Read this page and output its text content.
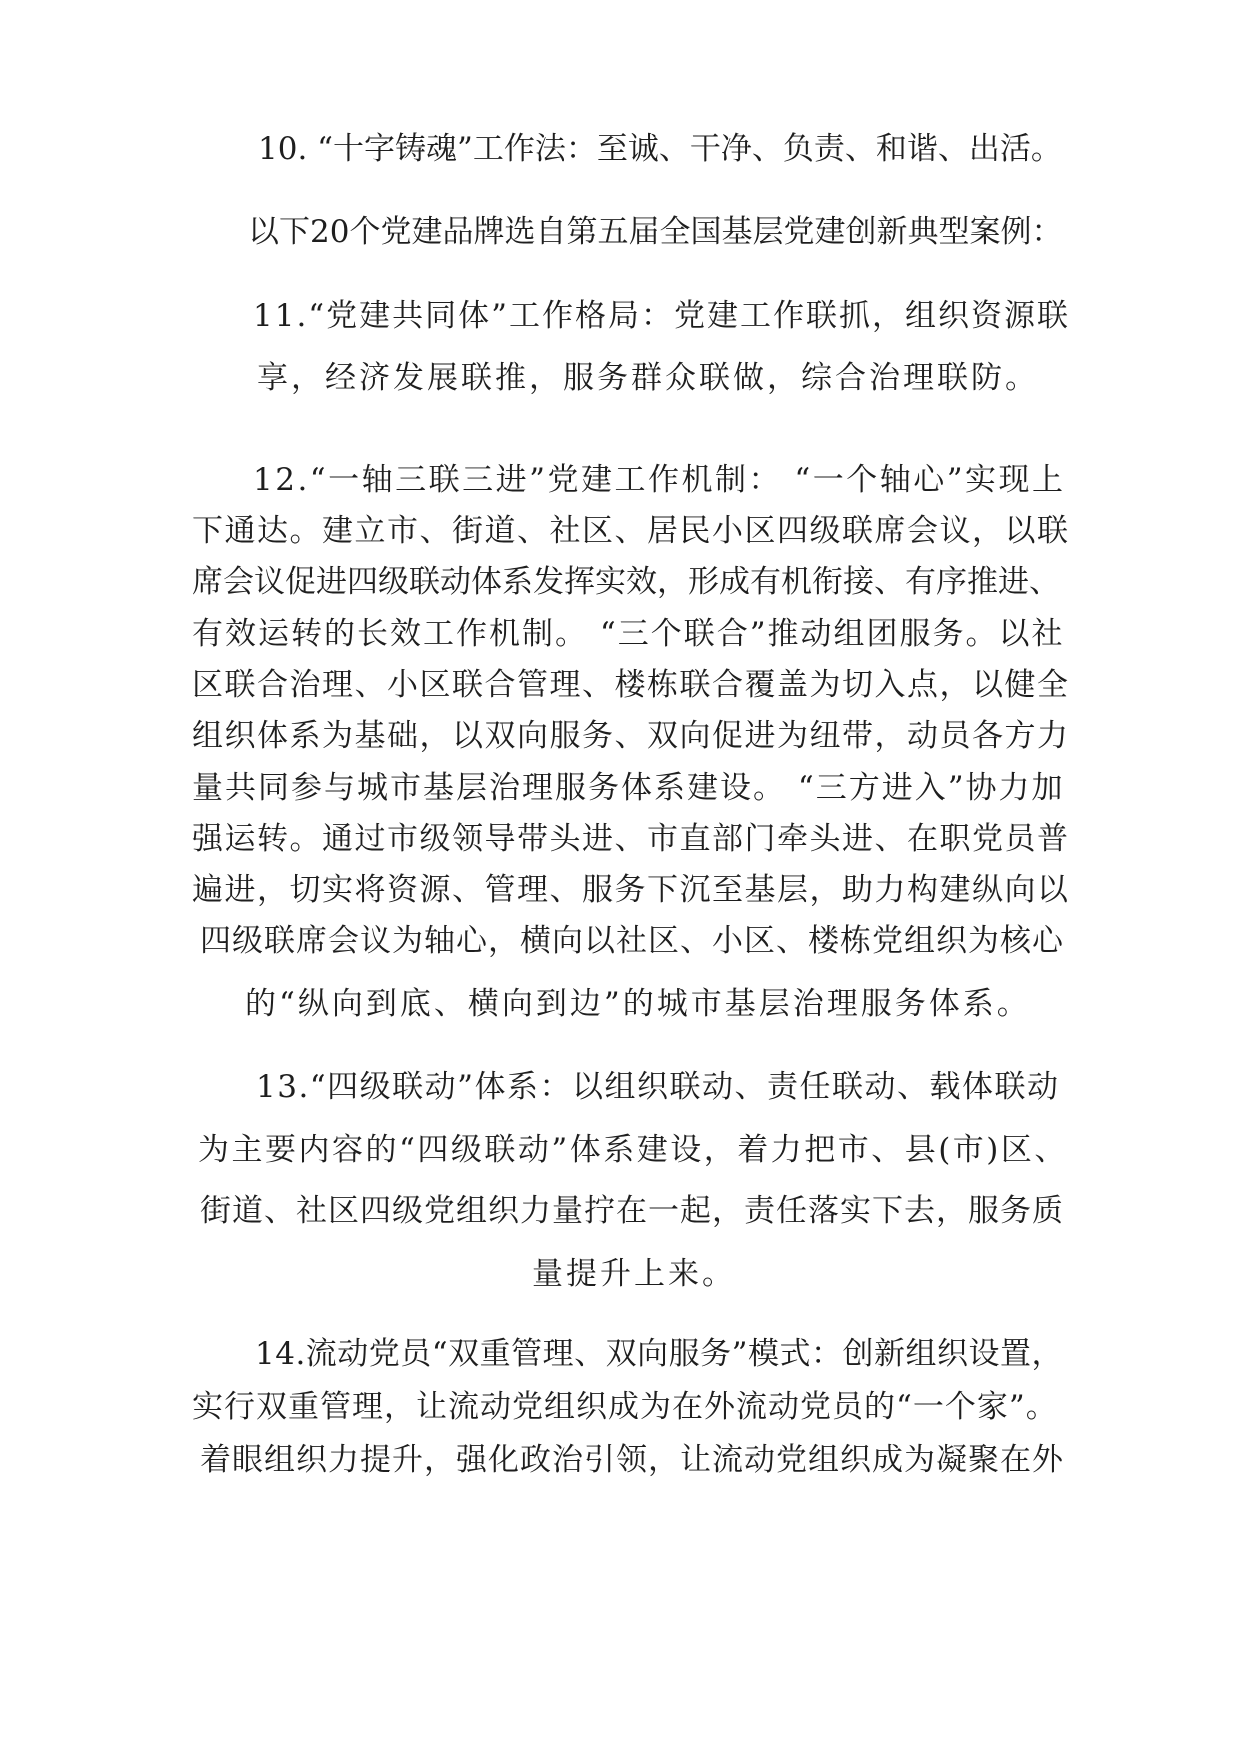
10. “十字铸魂”工作法：至诚、干净、负责、和谐、出活。
以下20个党建品牌选自第五届全国基层党建创新典型案例：
11.“党建共同体”工作格局：党建工作联抓，组织资源联
享，经济发展联推，服务群众联做，综合治理联防。
12.“一轴三联三进”党建工作机制： “一个轴心”实现上
下通达。建立市、街道、社区、居民小区四级联席会议，以联
席会议促进四级联动体系发挥实效，形成有机衔接、有序推进、
有效运转的长效工作机制。 “三个联合”推动组团服务。以社
区联合治理、小区联合管理、楼栋联合覆盖为切入点，以健全
组织体系为基础，以双向服务、双向促进为纽带，动员各方力
量共同参与城市基层治理服务体系建设。 “三方进入”协力加
强运转。通过市级领导带头进、市直部门牵头进、在职党员普
遍进，切实将资源、管理、服务下沉至基层，助力构建纵向以
四级联席会议为轴心，横向以社区、小区、楼栋党组织为核心
的“纵向到底、横向到边”的城市基层治理服务体系。
13.“四级联动”体系：以组织联动、责任联动、载体联动
为主要内容的“四级联动”体系建设，着力把市、县(市)区、
街道、社区四级党组织力量拧在一起，责任落实下去，服务质
量提升上来。
14.流动党员“双重管理、双向服务”模式：创新组织设置，
实行双重管理，让流动党组织成为在外流动党员的“一个家”。
着眼组织力提升，强化政治引领，让流动党组织成为凝聚在外
